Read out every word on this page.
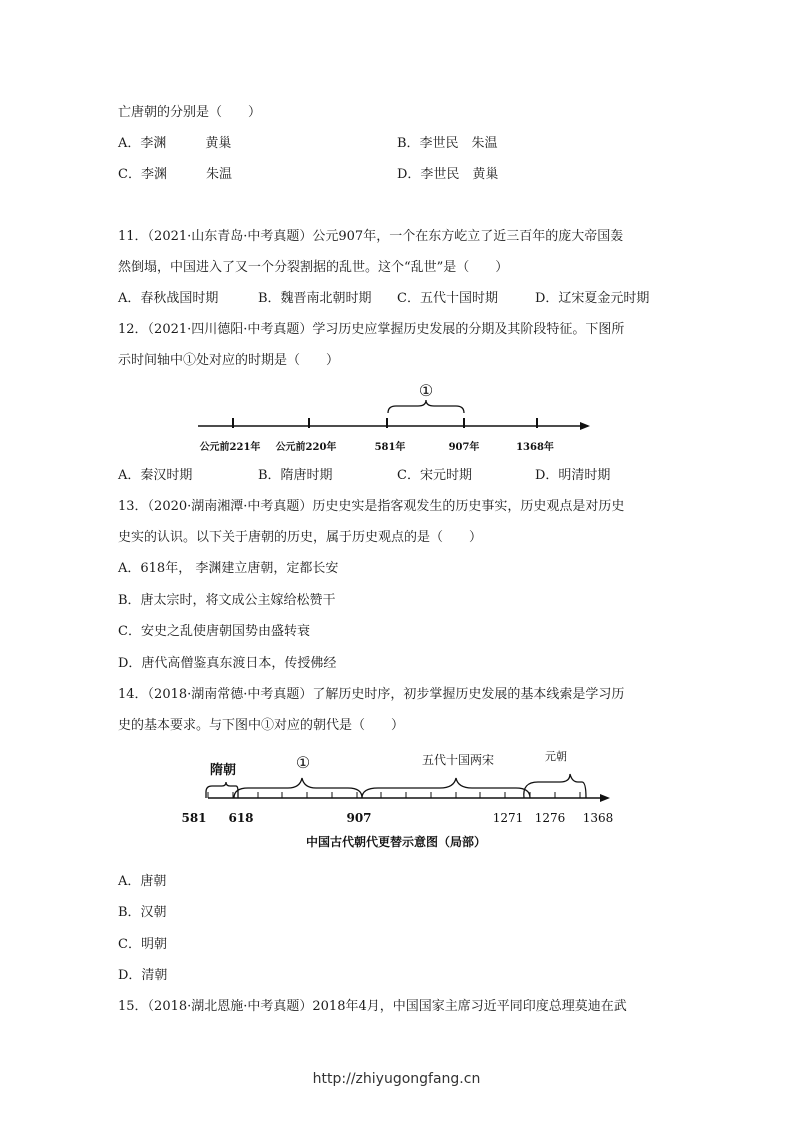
亡唐朝的分别是（　　）
A．李渊　　　黄巢	B．李世民　朱温
C．李渊　　　朱温	D．李世民　黄巢
11．（2021·山东青岛·中考真题）公元907年，一个在东方屹立了近三百年的庞大帝国轰
然倒塌，中国进入了又一个分裂割据的乱世。这个“乱世”是（　　）
A．春秋战国时期	B．魏晋南北朝时期 C．五代十国时期	D．辽宋夏金元时期
12．（2021·四川德阳·中考真题）学习历史应掌握历史发展的分期及其阶段特征。下图所
示时间轴中①处对应的时期是（　　）
①
公元前221年 公元前220年	581年	907年	1368年
A．秦汉时期	B．隋唐时期	C．宋元时期	D．明清时期
13．（2020·湖南湘潭·中考真题）历史史实是指客观发生的历史事实，历史观点是对历史
史实的认识。以下关于唐朝的历史，属于历史观点的是（　　）
A．618年， 李渊建立唐朝，定都长安
B．唐太宗时，将文成公主嫁给松赞干
C．安史之乱使唐朝国势由盛转衰
D．唐代高僧鉴真东渡日本，传授佛经
14．（2018·湖南常德·中考真题）了解历史时序，初步掌握历史发展的基本线索是学习历
史的基本要求。与下图中①对应的朝代是（　　）
隋朝	①	五代十国两宋	元朝
581 618	907	1271 1276 1368
中国古代朝代更替示意图（局部）
A．唐朝
B．汉朝
C．明朝
D．清朝
15．（2018·湖北恩施·中考真题）2018年4月，中国国家主席习近平同印度总理莫迪在武
http://zhiyugongfang.cn
